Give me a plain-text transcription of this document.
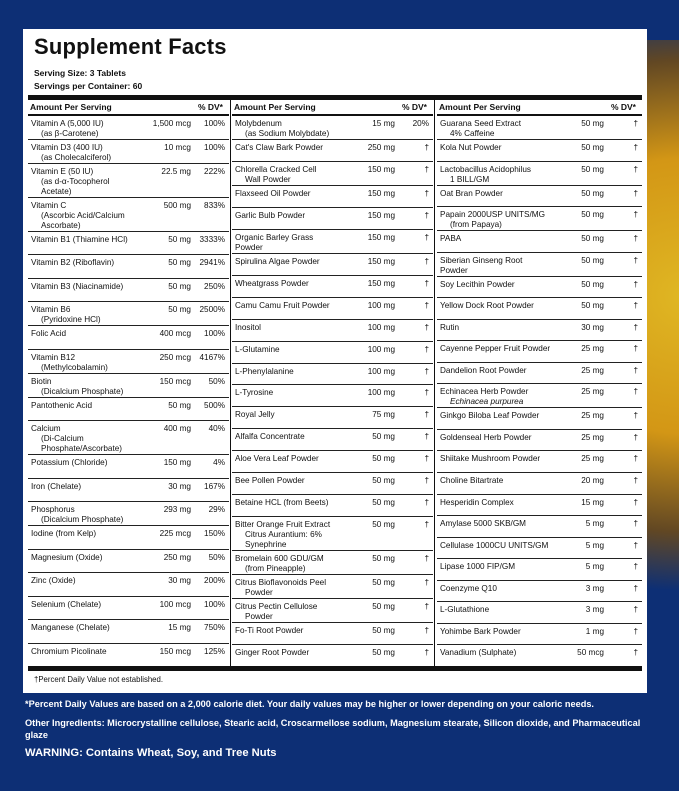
Supplement Facts
Serving Size: 3 Tablets
Servings per Container: 60
Amount Per Serving	% DV*
Vitamin A (5,000 IU)
(as β-Carotene)
1,500 mcg	100%
Vitamin D3 (400 IU)
(as Cholecalciferol)
10 mcg	100%
Vitamin E (50 IU)
(as d-α-Tocopherol Acetate)
22.5 mg	222%
Vitamin C
(Ascorbic Acid/Calcium Ascorbate)
500 mg	833%
Vitamin B1 (Thiamine HCl)	50 mg	3333%
Vitamin B2 (Riboflavin)	50 mg	2941%
Vitamin B3 (Niacinamide)	50 mg	250%
Vitamin B6
(Pyridoxine HCl)
50 mg	2500%
Folic Acid	400 mcg	100%
Vitamin B12
(Methylcobalamin)
250 mcg	4167%
Biotin
(Dicalcium Phosphate)
150 mcg	50%
Pantothenic Acid	50 mg	500%
Calcium
(Di-Calcium Phosphate/Ascorbate)
400 mg	40%
Potassium (Chloride)	150 mg	4%
Iron (Chelate)	30 mg	167%
Phosphorus
(Dicalcium Phosphate)
293 mg	29%
Iodine (from Kelp)	225 mcg	150%
Magnesium (Oxide)	250 mg	50%
Zinc (Oxide)	30 mg	200%
Selenium (Chelate)	100 mcg	100%
Manganese (Chelate)	15 mg	750%
Chromium Picolinate	150 mcg	125%
Amount Per Serving	% DV*
Molybdenum
(as Sodium Molybdate)
15 mg	20%
Cat's Claw Bark Powder	250 mg	†
Chlorella Cracked Cell
Wall Powder
150 mg	†
Flaxseed Oil Powder	150 mg	†
Garlic Bulb Powder	150 mg	†
Organic Barley Grass Powder
150 mg	†
Spirulina Algae Powder	150 mg	†
Wheatgrass Powder	150 mg	†
Camu Camu Fruit Powder	100 mg	†
Inositol	100 mg	†
L-Glutamine	100 mg	†
L-Phenylalanine	100 mg	†
L-Tyrosine	100 mg	†
Royal Jelly	75 mg	†
Alfalfa Concentrate	50 mg	†
Aloe Vera Leaf Powder	50 mg	†
Bee Pollen Powder	50 mg	†
Betaine HCL (from Beets)	50 mg	†
Bitter Orange Fruit Extract
Citrus Aurantium: 6% Synephrine
50 mg	†
Bromelain 600 GDU/GM
(from Pineapple)
50 mg	†
Citrus Bioflavonoids Peel
Powder
50 mg	†
Citrus Pectin Cellulose
Powder
50 mg	†
Fo-Ti Root Powder	50 mg	†
Ginger Root Powder	50 mg	†
Amount Per Serving	% DV*
Guarana Seed Extract
4% Caffeine
50 mg	†
Kola Nut Powder	50 mg	†
Lactobacillus Acidophilus
1 BILL/GM
50 mg	†
Oat Bran Powder	50 mg	†
Papain 2000USP UNITS/MG
(from Papaya)
50 mg	†
PABA	50 mg	†
Siberian Ginseng Root Powder
50 mg	†
Soy Lecithin Powder	50 mg	†
Yellow Dock Root Powder	50 mg	†
Rutin	30 mg	†
Cayenne Pepper Fruit Powder	25 mg	†
Dandelion Root Powder	25 mg	†
Echinacea Herb Powder
Echinacea purpurea
25 mg	†
Ginkgo Biloba Leaf Powder	25 mg	†
Goldenseal Herb Powder	25 mg	†
Shiitake Mushroom Powder	25 mg	†
Choline Bitartrate	20 mg	†
Hesperidin Complex	15 mg	†
Amylase 5000 SKB/GM	5 mg	†
Cellulase 1000CU UNITS/GM	5 mg	†
Lipase 1000 FIP/GM	5 mg	†
Coenzyme Q10	3 mg	†
L-Glutathione	3 mg	†
Yohimbe Bark Powder	1 mg	†
Vanadium (Sulphate)	50 mcg	†
†Percent Daily Value not established.
*Percent Daily Values are based on a 2,000 calorie diet. Your daily values may be higher or lower depending on your caloric needs.
Other Ingredients: Microcrystalline cellulose, Stearic acid, Croscarmellose sodium, Magnesium stearate, Silicon dioxide, and Pharmaceutical glaze
WARNING: Contains Wheat, Soy, and Tree Nuts
